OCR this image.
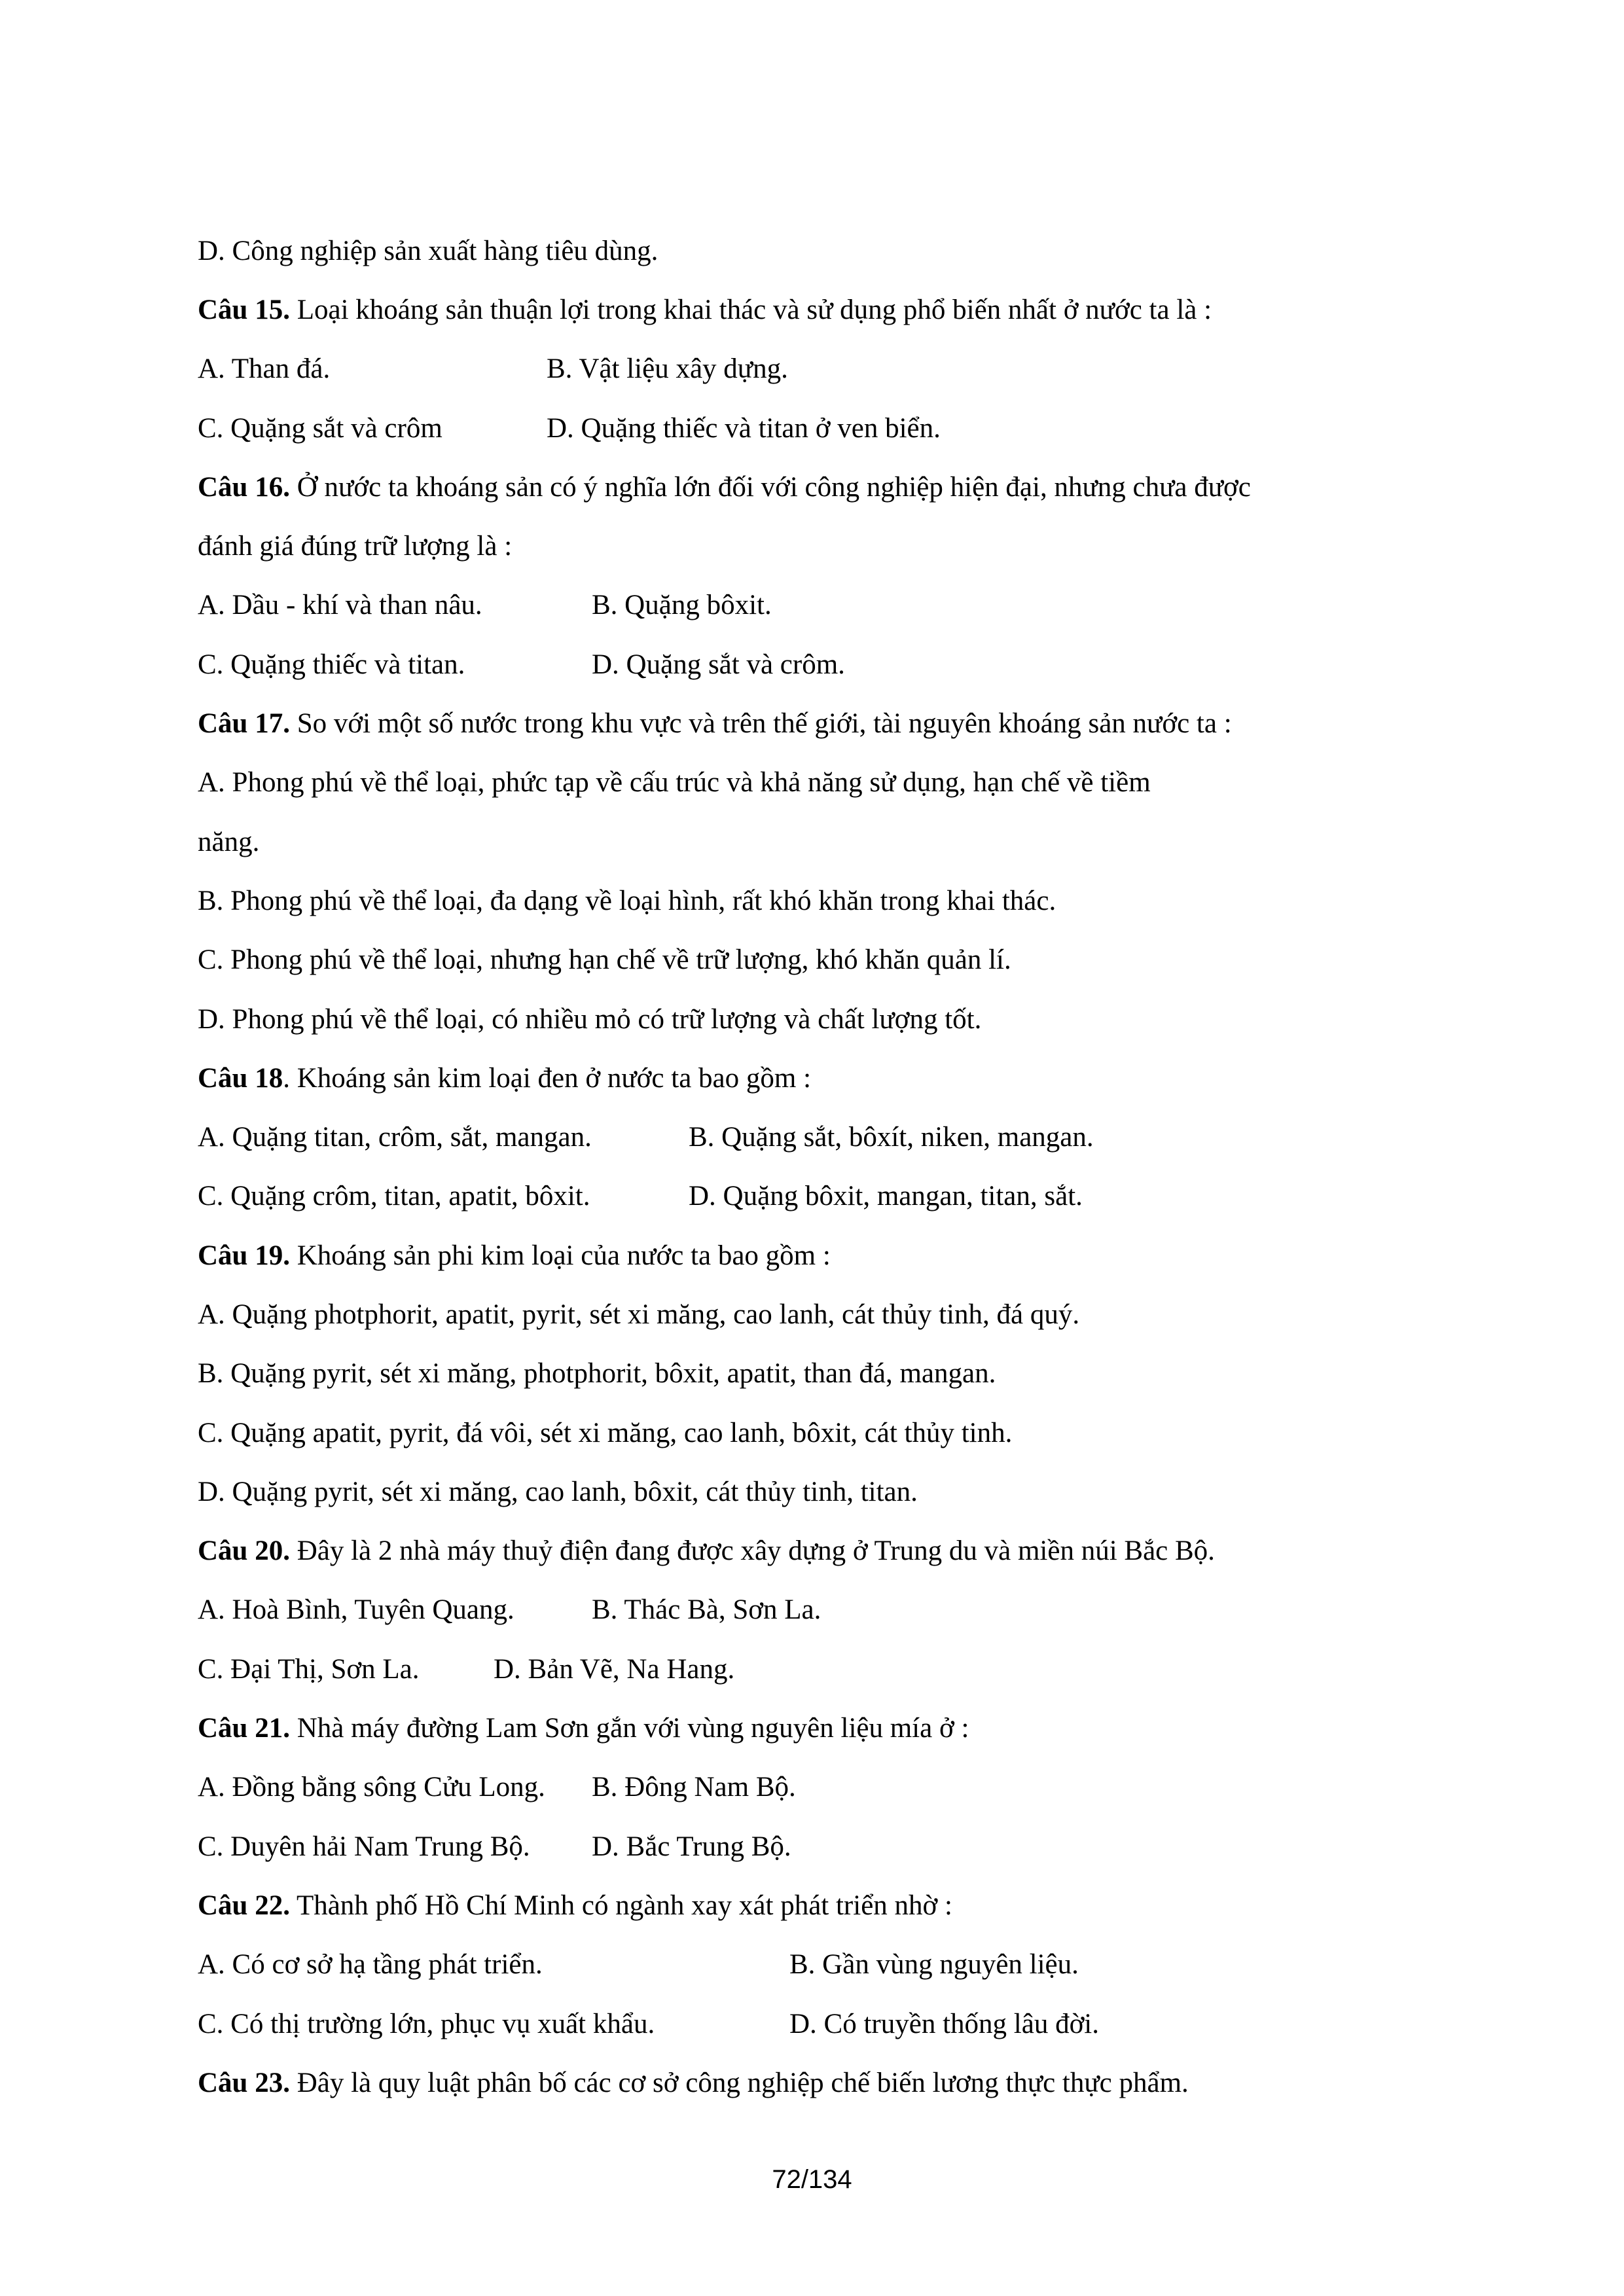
D. Công nghiệp sản xuất hàng tiêu dùng.
Câu 15. Loại khoáng sản thuận lợi trong khai thác và sử dụng phổ biến nhất ở nước ta là :
A. Than đá.	B. Vật liệu xây dựng.
C. Quặng sắt và crôm	D. Quặng thiếc và titan ở ven biển.
Câu 16. Ở nước ta khoáng sản có ý nghĩa lớn đối với công nghiệp hiện đại, nhưng chưa được
đánh giá đúng trữ lượng là :
A. Dầu - khí và than nâu.	B. Quặng bôxit.
C. Quặng thiếc và titan.	D. Quặng sắt và crôm.
Câu 17. So với một số nước trong khu vực và trên thế giới, tài nguyên khoáng sản nước ta :
A. Phong phú về thể loại, phức tạp về cấu trúc và khả năng sử dụng, hạn chế về tiềm
năng.
B. Phong phú về thể loại, đa dạng về loại hình, rất khó khăn trong khai thác.
C. Phong phú về thể loại, nhưng hạn chế về trữ lượng, khó khăn quản lí.
D. Phong phú về thể loại, có nhiều mỏ có trữ lượng và chất lượng tốt.
Câu 18. Khoáng sản kim loại đen ở nước ta bao gồm :
A. Quặng titan, crôm, sắt, mangan.	B. Quặng sắt, bôxít, niken, mangan.
C. Quặng crôm, titan, apatit, bôxit.	D. Quặng bôxit, mangan, titan, sắt.
Câu 19. Khoáng sản phi kim loại của nước ta bao gồm :
A. Quặng photphorit, apatit, pyrit, sét xi măng, cao lanh, cát thủy tinh, đá quý.
B. Quặng pyrit, sét xi măng, photphorit, bôxit, apatit, than đá, mangan.
C. Quặng apatit, pyrit, đá vôi, sét xi măng, cao lanh, bôxit, cát thủy tinh.
D. Quặng pyrit, sét xi măng, cao lanh, bôxit, cát thủy tinh, titan.
Câu 20. Đây là 2 nhà máy thuỷ điện đang được xây dựng ở Trung du và miền núi Bắc Bộ.
A. Hoà Bình, Tuyên Quang.	B. Thác Bà, Sơn La.
C. Đại Thị, Sơn La.	D. Bản Vẽ, Na Hang.
Câu 21. Nhà máy đường Lam Sơn gắn với vùng nguyên liệu mía ở :
A. Đồng bằng sông Cửu Long. B. Đông Nam Bộ.
C. Duyên hải Nam Trung Bộ. D. Bắc Trung Bộ.
Câu 22. Thành phố Hồ Chí Minh có ngành xay xát phát triển nhờ :
A. Có cơ sở hạ tầng phát triển.	B. Gần vùng nguyên liệu.
C. Có thị trường lớn, phục vụ xuất khẩu.	D. Có truyền thống lâu đời.
Câu 23. Đây là quy luật phân bố các cơ sở công nghiệp chế biến lương thực thực phẩm.
72/134
